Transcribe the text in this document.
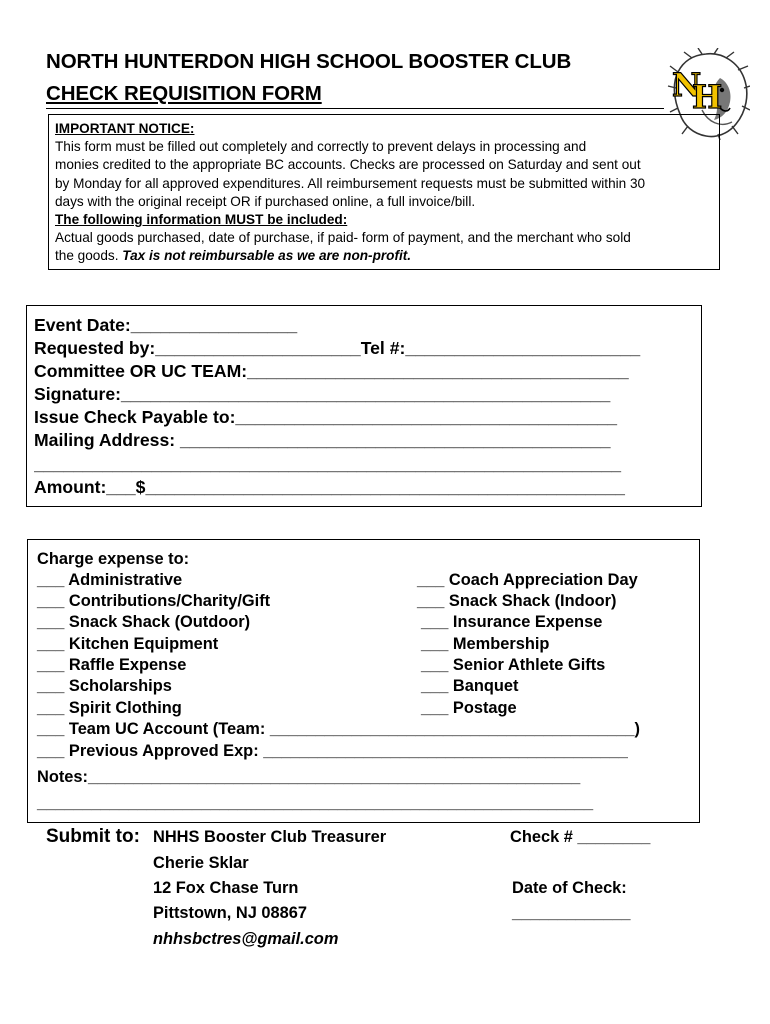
NORTH HUNTERDON HIGH SCHOOL BOOSTER CLUB
CHECK REQUISITION FORM	N
H
IMPORTANT NOTICE:
This form must be filled out completely and correctly to prevent delays in processing and
monies credited to the appropriate BC accounts. Checks are processed on Saturday and sent out
by Monday for all approved expenditures. All reimbursement requests must be submitted within 30
days with the original receipt OR if purchased online, a full invoice/bill.
The following information MUST be included:
Actual goods purchased, date of purchase, if paid- form of payment, and the merchant who sold
the goods. Tax is not reimbursable as we are non-profit.
Event Date:_________________
Requested by:_____________________Tel #:________________________
Committee OR UC TEAM:_______________________________________
Signature:__________________________________________________
Issue Check Payable to:_______________________________________
Mailing Address: ____________________________________________
____________________________________________________________
Amount:___$_________________________________________________
Charge expense to:
___ Administrative
___ Contributions/Charity/Gift
___ Snack Shack (Outdoor)
___ Kitchen Equipment
___ Raffle Expense
___ Scholarships
___ Spirit Clothing
___ Coach Appreciation Day
___ Snack Shack (Indoor)
___ Insurance Expense
___ Membership
___ Senior Athlete Gifts
___ Banquet
___ Postage
___ Team UC Account (Team: ________________________________________)
___ Previous Approved Exp: ________________________________________
Notes:______________________________________________________
_____________________________________________________________
Submit to: NHHS Booster Club Treasurer
Cherie Sklar
12 Fox Chase Turn
Pittstown, NJ 08867
nhhsbctres@gmail.com
Check # ________
Date of Check:
_____________
